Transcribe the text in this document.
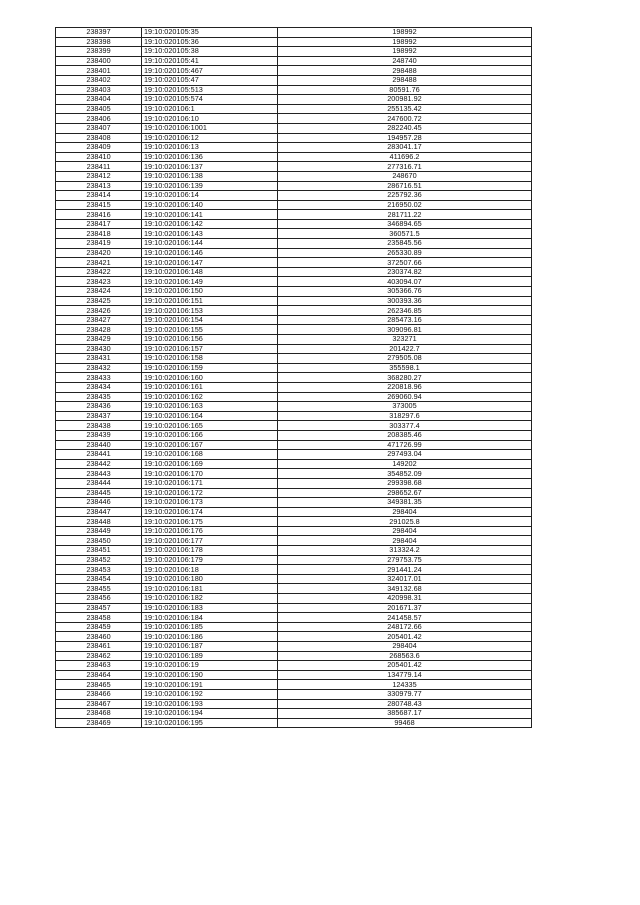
238397	19:10:020105:35	198992
238398	19:10:020105:36	198992
238399	19:10:020105:38	198992
238400	19:10:020105:41	248740
238401	19:10:020105:467	298488
238402	19:10:020105:47	298488
238403	19:10:020105:513	80591.76
238404	19:10:020105:574	200981.92
238405	19:10:020106:1	255135.42
238406	19:10:020106:10	247600.72
238407	19:10:020106:1001	282240.45
238408	19:10:020106:12	194957.28
238409	19:10:020106:13	283041.17
238410	19:10:020106:136	411696.2
238411	19:10:020106:137	277316.71
238412	19:10:020106:138	248670
238413	19:10:020106:139	286716.51
238414	19:10:020106:14	225792.36
238415	19:10:020106:140	216950.02
238416	19:10:020106:141	281711.22
238417	19:10:020106:142	346894.65
238418	19:10:020106:143	360571.5
238419	19:10:020106:144	235845.56
238420	19:10:020106:146	265330.89
238421	19:10:020106:147	372507.66
238422	19:10:020106:148	230374.82
238423	19:10:020106:149	403094.07
238424	19:10:020106:150	305366.76
238425	19:10:020106:151	300393.36
238426	19:10:020106:153	262346.85
238427	19:10:020106:154	285473.16
238428	19:10:020106:155	309096.81
238429	19:10:020106:156	323271
238430	19:10:020106:157	201422.7
238431	19:10:020106:158	279505.08
238432	19:10:020106:159	355598.1
238433	19:10:020106:160	368280.27
238434	19:10:020106:161	220818.96
238435	19:10:020106:162	269060.94
238436	19:10:020106:163	373005
238437	19:10:020106:164	318297.6
238438	19:10:020106:165	303377.4
238439	19:10:020106:166	208385.46
238440	19:10:020106:167	471726.99
238441	19:10:020106:168	297493.04
238442	19:10:020106:169	149202
238443	19:10:020106:170	354852.09
238444	19:10:020106:171	299398.68
238445	19:10:020106:172	298652.67
238446	19:10:020106:173	349381.35
238447	19:10:020106:174	298404
238448	19:10:020106:175	291025.8
238449	19:10:020106:176	298404
238450	19:10:020106:177	298404
238451	19:10:020106:178	313324.2
238452	19:10:020106:179	279753.75
238453	19:10:020106:18	291441.24
238454	19:10:020106:180	324017.01
238455	19:10:020106:181	349132.68
238456	19:10:020106:182	420998.31
238457	19:10:020106:183	201671.37
238458	19:10:020106:184	241458.57
238459	19:10:020106:185	248172.66
238460	19:10:020106:186	205401.42
238461	19:10:020106:187	298404
238462	19:10:020106:189	268563.6
238463	19:10:020106:19	205401.42
238464	19:10:020106:190	134779.14
238465	19:10:020106:191	124335
238466	19:10:020106:192	330979.77
238467	19:10:020106:193	280748.43
238468	19:10:020106:194	385687.17
238469	19:10:020106:195	99468
